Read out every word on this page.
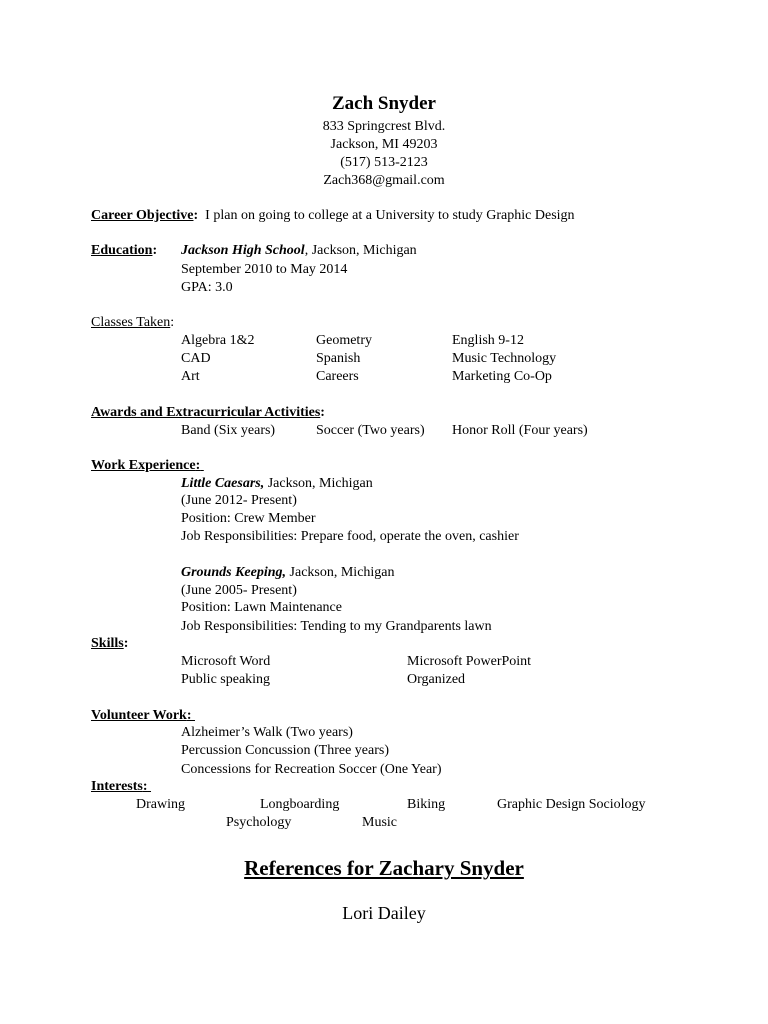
Zach Snyder
833 Springcrest Blvd.
Jackson, MI 49203
(517) 513-2123
Zach368@gmail.com
Career Objective: I plan on going to college at a University to study Graphic Design
Education: Jackson High School, Jackson, Michigan
September 2010 to May 2014
GPA: 3.0
Classes Taken:
Algebra 1&2	Geometry	English 9-12
CAD	Spanish	Music Technology
Art	Careers	Marketing Co-Op
Awards and Extracurricular Activities:
Band (Six years)	Soccer (Two years) Honor Roll (Four years)
Work Experience:
Little Caesars, Jackson, Michigan
(June 2012- Present)
Position: Crew Member
Job Responsibilities: Prepare food, operate the oven, cashier
Grounds Keeping, Jackson, Michigan
(June 2005- Present)
Position: Lawn Maintenance
Job Responsibilities: Tending to my Grandparents lawn
Skills:
Microsoft Word	Microsoft PowerPoint
Public speaking	Organized
Volunteer Work:
Alzheimer’s Walk (Two years)
Percussion Concussion (Three years)
Concessions for Recreation Soccer (One Year)
Interests:
Drawing	Longboarding	Biking	Graphic Design Sociology
Psychology	Music
References for Zachary Snyder
Lori Dailey
